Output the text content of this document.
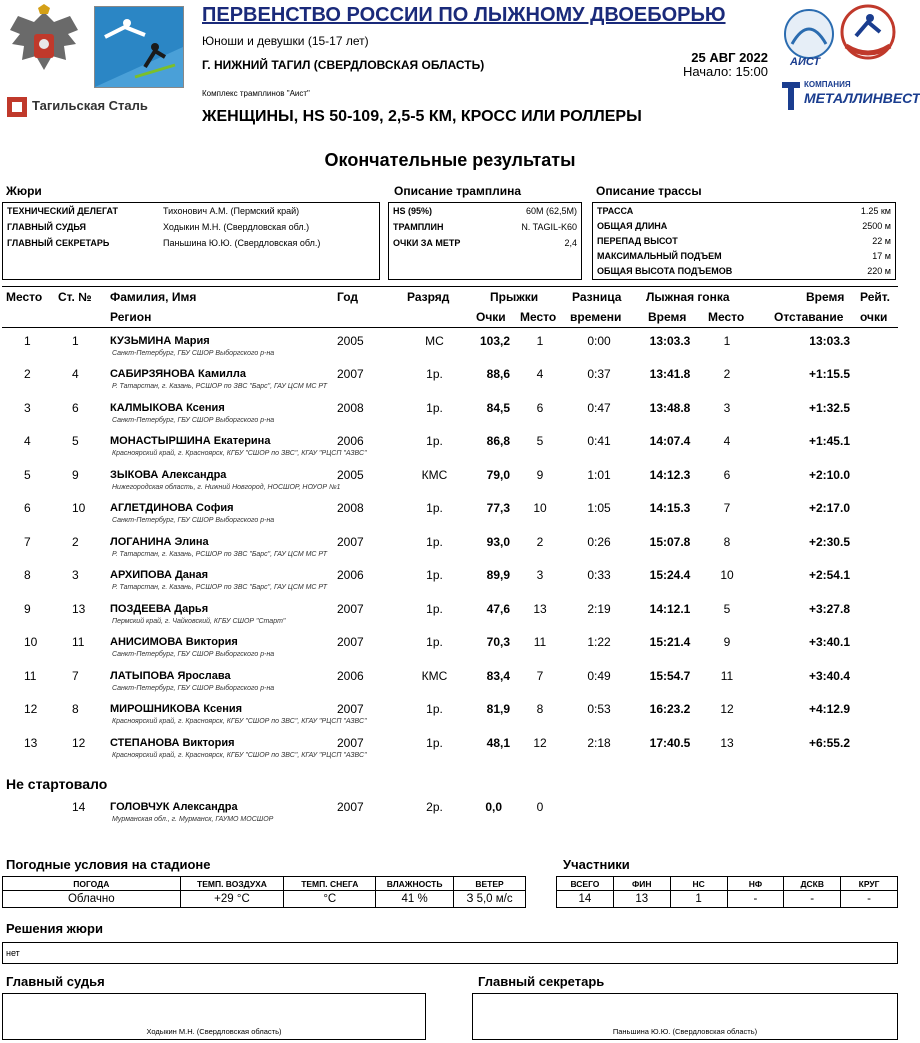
Тагильская Сталь
ПЕРВЕНСТВО РОССИИ ПО ЛЫЖНОМУ ДВОЕБОРЬЮ
Юноши и девушки (15-17 лет)
Г. НИЖНИЙ ТАГИЛ (СВЕРДЛОВСКАЯ ОБЛАСТЬ)	25 АВГ 2022
Начало: 15:00
Комплекс трамплинов "Аист"
ЖЕНЩИНЫ, HS 50-109, 2,5-5 КМ, КРОСС ИЛИ РОЛЛЕРЫ
АИСТ
КОМПАНИЯ
МЕТАЛЛИНВЕСТ
Окончательные результаты
Жюри
ТЕХНИЧЕСКИЙ ДЕЛЕГАТ	Тихонович А.М. (Пермский край)
ГЛАВНЫЙ СУДЬЯ	Ходыкин М.Н. (Свердловская обл.)
ГЛАВНЫЙ СЕКРЕТАРЬ	Паньшина Ю.Ю. (Свердловская обл.)
Описание трамплина
HS (95%)	60М (62,5М)
ТРАМПЛИН	N. TAGIL-K60
ОЧКИ ЗА МЕТР	2,4
Описание трассы
ТРАССА	1.25 км
ОБЩАЯ ДЛИНА	2500 м
ПЕРЕПАД ВЫСОТ	22 м
МАКСИМАЛЬНЫЙ ПОДЪЕМ	17 м
ОБЩАЯ ВЫСОТА ПОДЪЕМОВ	220 м
Место Ст. № Фамилия, Имя
Регион
Год	Разряд	Прыжки
Очки Место
Разница
времени
Лыжная гонка
Время Место
Время
Отставание
Рейт.
очки
1	1	КУЗЬМИНА Мария
Санкт-Петербург, ГБУ СШОР Выборгского р-на
2005	МС	103,2	1	0:00	13:03.3	1	13:03.3
2	4	САБИРЗЯНОВА Камилла
Р. Татарстан, г. Казань, РСШОР по ЗВС "Барс", ГАУ ЦСМ МС РТ
2007	1р.	88,6	4	0:37	13:41.8	2	+1:15.5
3	6	КАЛМЫКОВА Ксения
Санкт-Петербург, ГБУ СШОР Выборгского р-на
2008	1р.	84,5	6	0:47	13:48.8	3	+1:32.5
4	5	МОНАСТЫРШИНА Екатерина
Красноярский край, г. Красноярск, КГБУ "СШОР по ЗВС", КГАУ "РЦСП "АЗВС"
2006	1р.	86,8	5	0:41	14:07.4	4	+1:45.1
5	9	ЗЫКОВА Александра
Нижегородская область, г. Нижний Новгород, НОСШОР, НОУОР №1
2005	КМС	79,0	9	1:01	14:12.3	6	+2:10.0
6	10 АГЛЕТДИНОВА София
Санкт-Петербург, ГБУ СШОР Выборгского р-на
2008	1р.	77,3	10	1:05	14:15.3	7	+2:17.0
7	2	ЛОГАНИНА Элина
Р. Татарстан, г. Казань, РСШОР по ЗВС "Барс", ГАУ ЦСМ МС РТ
2007	1р.	93,0	2	0:26	15:07.8	8	+2:30.5
8	3	АРХИПОВА Даная
Р. Татарстан, г. Казань, РСШОР по ЗВС "Барс", ГАУ ЦСМ МС РТ
2006	1р.	89,9	3	0:33	15:24.4	10	+2:54.1
9	13 ПОЗДЕЕВА Дарья
Пермский край, г. Чайковский, КГБУ СШОР "Старт"
2007	1р.	47,6	13	2:19	14:12.1	5	+3:27.8
10	11 АНИСИМОВА Виктория
Санкт-Петербург, ГБУ СШОР Выборгского р-на
2007	1р.	70,3	11	1:22	15:21.4	9	+3:40.1
11	7	ЛАТЫПОВА Ярослава
Санкт-Петербург, ГБУ СШОР Выборгского р-на
2006	КМС	83,4	7	0:49	15:54.7	11	+3:40.4
12	8	МИРОШНИКОВА Ксения
Красноярский край, г. Красноярск, КГБУ "СШОР по ЗВС", КГАУ "РЦСП "АЗВС"
2007	1р.	81,9	8	0:53	16:23.2	12	+4:12.9
13	12 СТЕПАНОВА Виктория
Красноярский край, г. Красноярск, КГБУ "СШОР по ЗВС", КГАУ "РЦСП "АЗВС"
2007	1р.	48,1	12	2:18	17:40.5	13	+6:55.2
Не стартовало
14 ГОЛОВЧУК Александра
Мурманская обл., г. Мурманск, ГАУМО МОСШОР
2007	2р.	0,0	0
Погодные условия на стадионе
ПОГОДА	ТЕМП. ВОЗДУХА	ТЕМП. СНЕГА	ВЛАЖНОСТЬ	ВЕТЕР
Облачно	+29 °C	°C	41 %	З 5,0 м/с
Участники
ВСЕГО	ФИН	НС	НФ	ДСКВ	КРУГ
14	13	1	-	-	-
Решения жюри
нет
Главный судья
Ходыкин М.Н. (Свердловская область)
Главный секретарь
Паньшина Ю.Ю. (Свердловская область)
